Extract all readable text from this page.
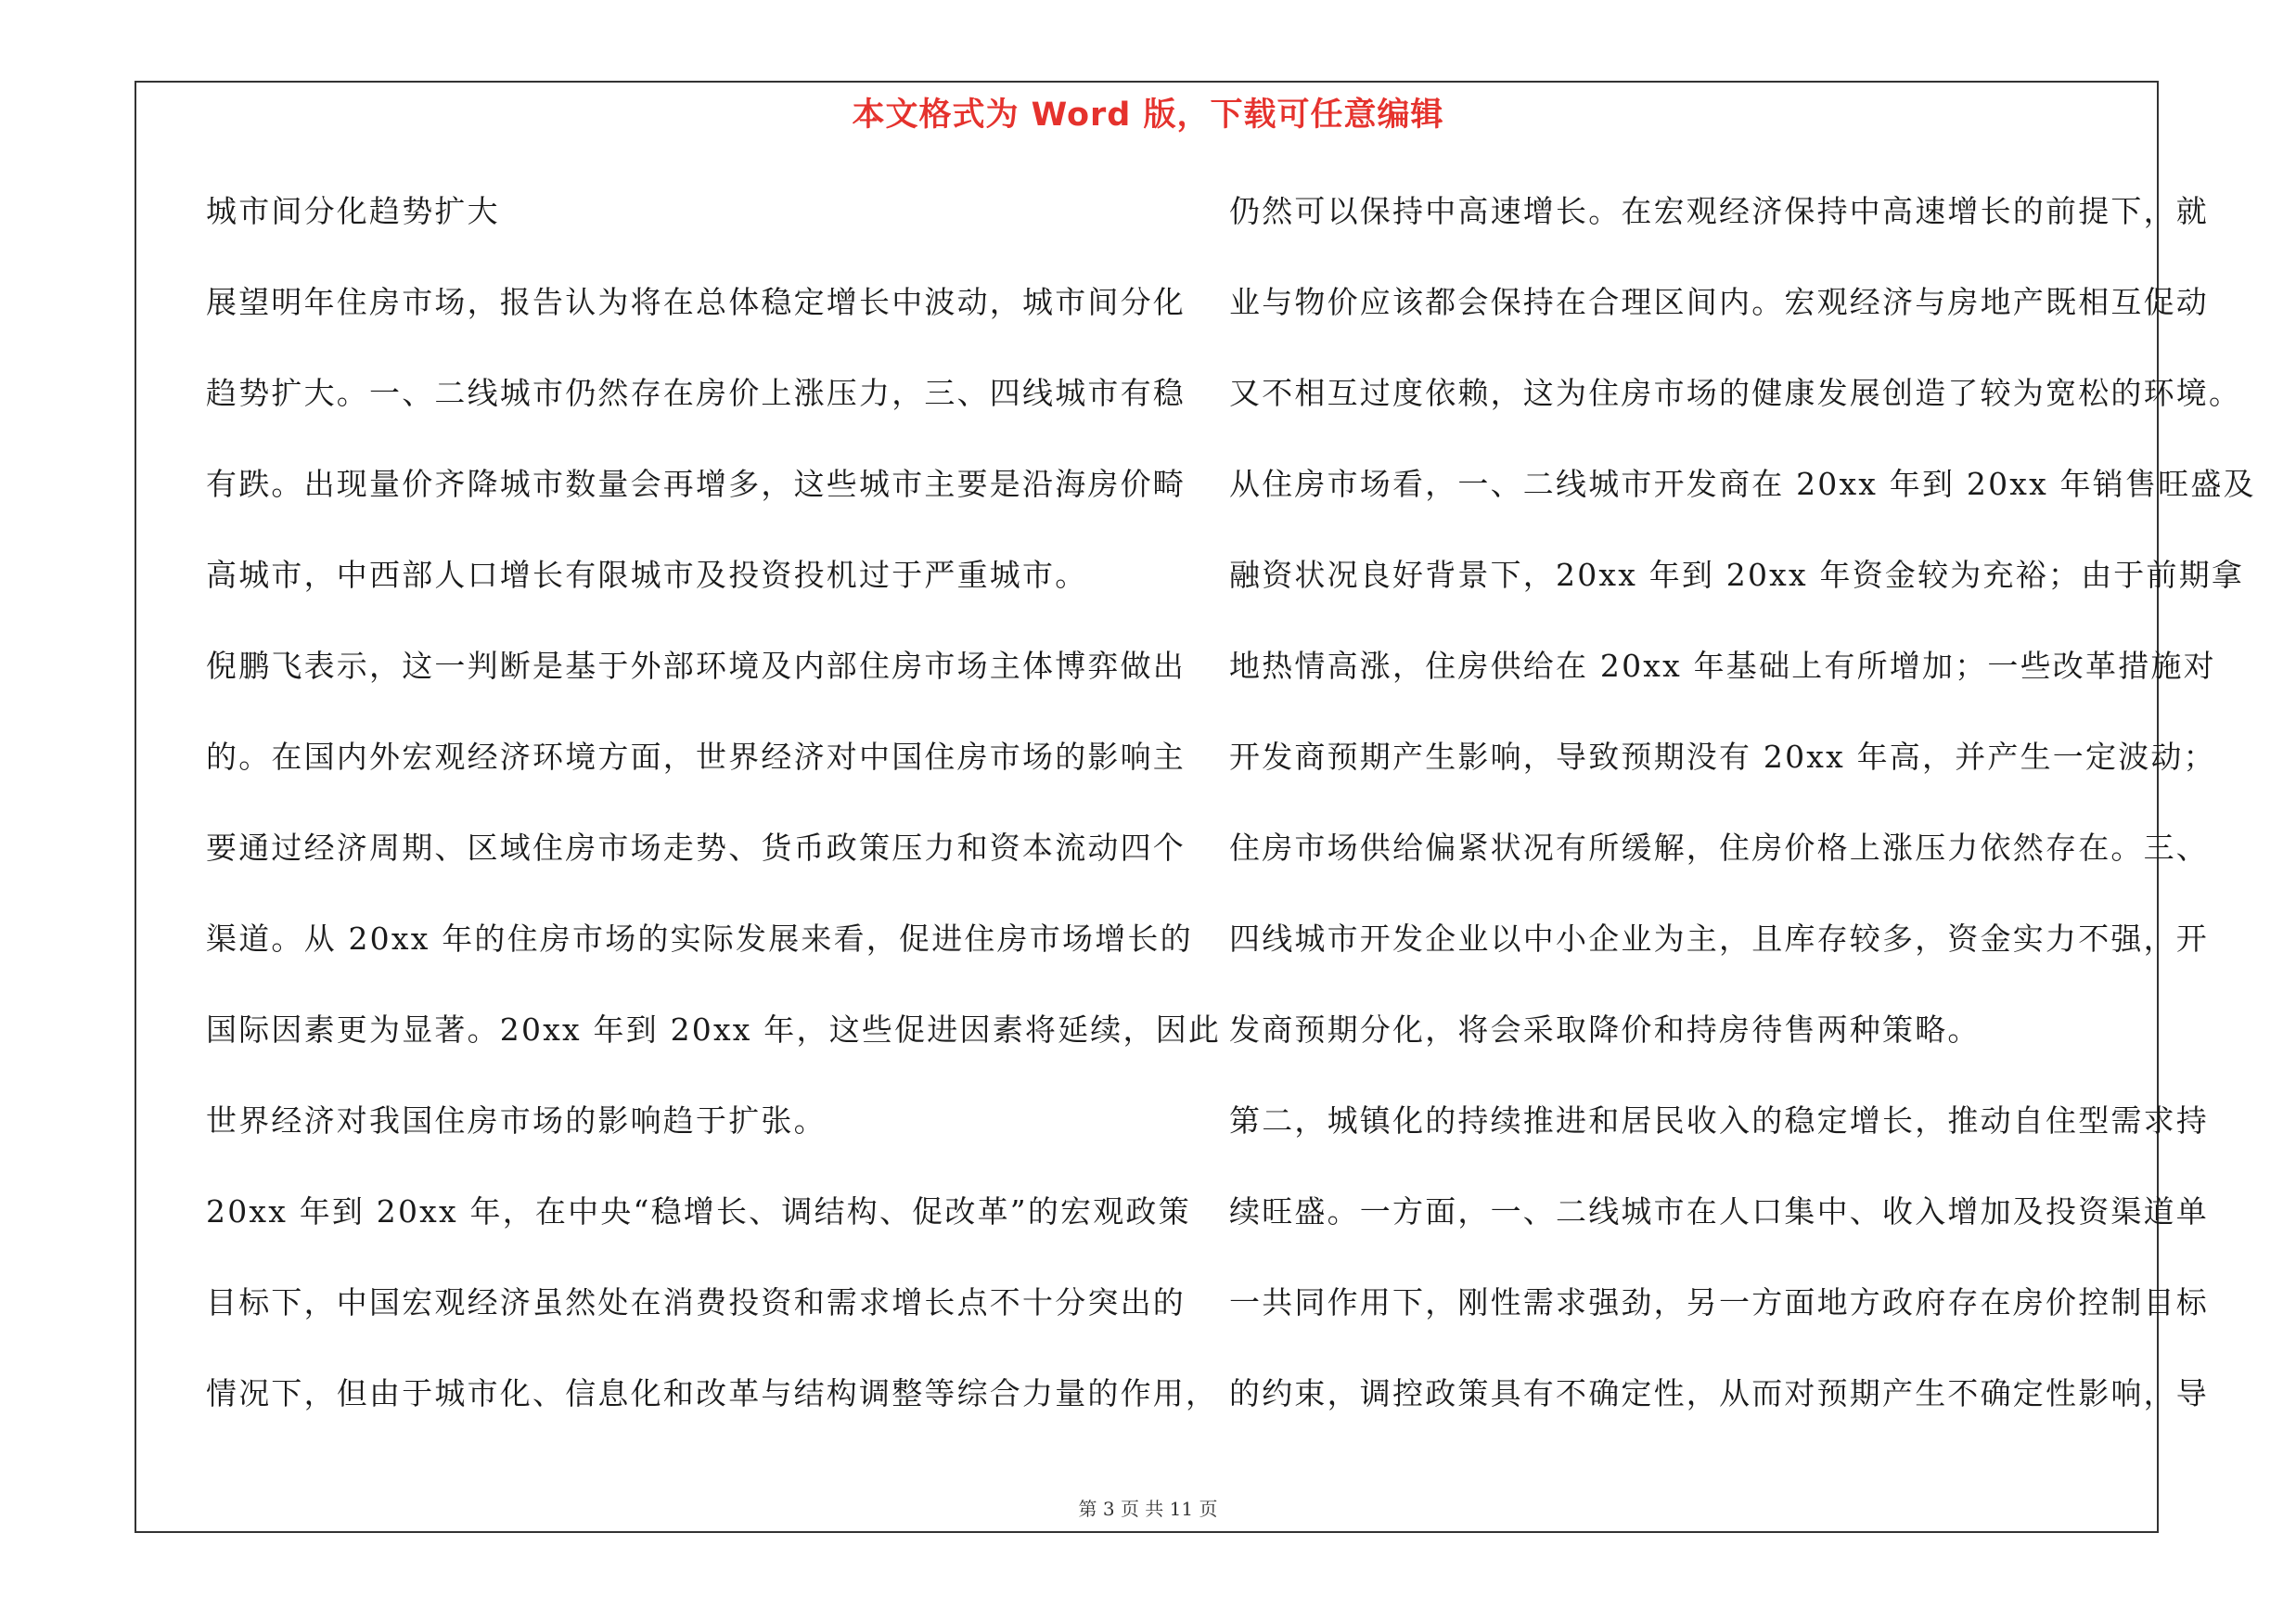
本文格式为 Word 版，下载可任意编辑
城市间分化趋势扩大
展望明年住房市场，报告认为将在总体稳定增长中波动，城市间分化
趋势扩大。一、二线城市仍然存在房价上涨压力，三、四线城市有稳
有跌。出现量价齐降城市数量会再增多，这些城市主要是沿海房价畸
高城市，中西部人口增长有限城市及投资投机过于严重城市。
倪鹏飞表示，这一判断是基于外部环境及内部住房市场主体博弈做出
的。在国内外宏观经济环境方面，世界经济对中国住房市场的影响主
要通过经济周期、区域住房市场走势、货币政策压力和资本流动四个
渠道。从 20xx 年的住房市场的实际发展来看，促进住房市场增长的
国际因素更为显著。20xx 年到 20xx 年，这些促进因素将延续，因此
世界经济对我国住房市场的影响趋于扩张。
20xx 年到 20xx 年，在中央“稳增长、调结构、促改革”的宏观政策
目标下，中国宏观经济虽然处在消费投资和需求增长点不十分突出的
情况下，但由于城市化、信息化和改革与结构调整等综合力量的作用，
仍然可以保持中高速增长。在宏观经济保持中高速增长的前提下，就
业与物价应该都会保持在合理区间内。宏观经济与房地产既相互促动
又不相互过度依赖，这为住房市场的健康发展创造了较为宽松的环境。
从住房市场看，一、二线城市开发商在 20xx 年到 20xx 年销售旺盛及
融资状况良好背景下，20xx 年到 20xx 年资金较为充裕；由于前期拿
地热情高涨，住房供给在 20xx 年基础上有所增加；一些改革措施对
开发商预期产生影响，导致预期没有 20xx 年高，并产生一定波动；
住房市场供给偏紧状况有所缓解，住房价格上涨压力依然存在。三、
四线城市开发企业以中小企业为主，且库存较多，资金实力不强，开
发商预期分化，将会采取降价和持房待售两种策略。
第二，城镇化的持续推进和居民收入的稳定增长，推动自住型需求持
续旺盛。一方面，一、二线城市在人口集中、收入增加及投资渠道单
一共同作用下，刚性需求强劲，另一方面地方政府存在房价控制目标
的约束，调控政策具有不确定性，从而对预期产生不确定性影响，导
第 3 页 共 11 页
